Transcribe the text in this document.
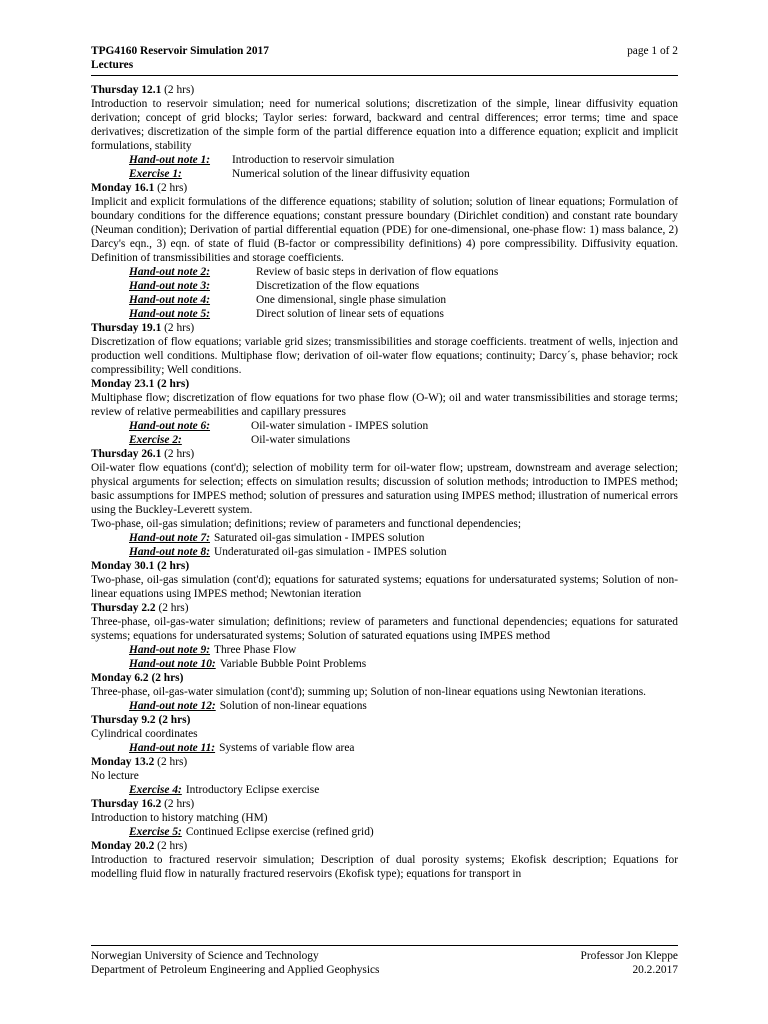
TPG4160 Reservoir Simulation 2017
Lectures
page 1 of 2

Thursday 12.1 (2 hrs)

Introduction to reservoir simulation; need for numerical solutions; discretization of the simple, linear diffusivity equation derivation; concept of grid blocks; Taylor series: forward, backward and central differences; error terms; time and space derivatives; discretization of the simple form of the partial difference equation into a difference equation; explicit and implicit formulations, stability

Hand-out note 1: Introduction to reservoir simulation

Exercise 1:	Numerical solution of the linear diffusivity equation

Monday 16.1 (2 hrs)

Implicit and explicit formulations of the difference equations; stability of solution; solution of linear equations; Formulation of boundary conditions for the difference equations; constant pressure boundary (Dirichlet condition) and constant rate boundary (Neuman condition); Derivation of partial differential equation (PDE) for one-dimensional, one-phase flow: 1) mass balance, 2) Darcy's eqn., 3) eqn. of state of fluid (B-factor or compressibility definitions) 4) pore compressibility. Diffusivity equation. Definition of transmissibilities and storage coefficients.

Hand-out note 2:	Review of basic steps in derivation of flow equations

Hand-out note 3:	Discretization of the flow equations

Hand-out note 4:	One dimensional, single phase simulation

Hand-out note 5:	Direct solution of linear sets of equations

Thursday 19.1 (2 hrs)

Discretization of flow equations; variable grid sizes; transmissibilities and storage coefficients. treatment of wells, injection and production well conditions. Multiphase flow; derivation of oil-water flow equations; continuity; Darcy´s, phase behavior; rock compressibility; Well conditions.

Monday 23.1 (2 hrs)

Multiphase flow; discretization of flow equations for two phase flow (O-W); oil and water transmissibilities and storage terms; review of relative permeabilities and capillary pressures

Hand-out note 6:	Oil-water simulation - IMPES solution

Exercise 2:	Oil-water simulations

Thursday 26.1 (2 hrs)

Oil-water flow equations (cont'd); selection of mobility term for oil-water flow; upstream, downstream and average selection; physical arguments for selection; effects on simulation results; discussion of solution methods; introduction to IMPES method; basic assumptions for IMPES method; solution of pressures and saturation using IMPES method; illustration of numerical errors using the Buckley-Leverett system.

Two-phase, oil-gas simulation; definitions; review of parameters and functional dependencies;

Hand-out note 7: Saturated oil-gas simulation - IMPES solution

Hand-out note 8: Underaturated oil-gas simulation - IMPES solution

Monday 30.1 (2 hrs)

Two-phase, oil-gas simulation (cont'd); equations for saturated systems; equations for undersaturated systems; Solution of non-linear equations using IMPES method; Newtonian iteration

Thursday 2.2 (2 hrs)

Three-phase, oil-gas-water simulation; definitions; review of parameters and functional dependencies; equations for saturated systems; equations for undersaturated systems; Solution of saturated equations using IMPES method

Hand-out note 9: Three Phase Flow

Hand-out note 10: Variable Bubble Point Problems

Monday 6.2 (2 hrs)

Three-phase, oil-gas-water simulation (cont'd); summing up; Solution of non-linear equations using Newtonian iterations.

Hand-out note 12: Solution of non-linear equations

Thursday 9.2 (2 hrs)

Cylindrical coordinates

Hand-out note 11: Systems of variable flow area

Monday 13.2 (2 hrs)

No lecture

Exercise 4: Introductory Eclipse exercise

Thursday 16.2 (2 hrs)

Introduction to history matching (HM)

Exercise 5: Continued Eclipse exercise (refined grid)

Monday 20.2 (2 hrs)

Introduction to fractured reservoir simulation; Description of dual porosity systems; Ekofisk description; Equations for modelling fluid flow in naturally fractured reservoirs (Ekofisk type); equations for transport in

Norwegian University of Science and Technology
Department of Petroleum Engineering and Applied Geophysics
Professor Jon Kleppe
20.2.2017
